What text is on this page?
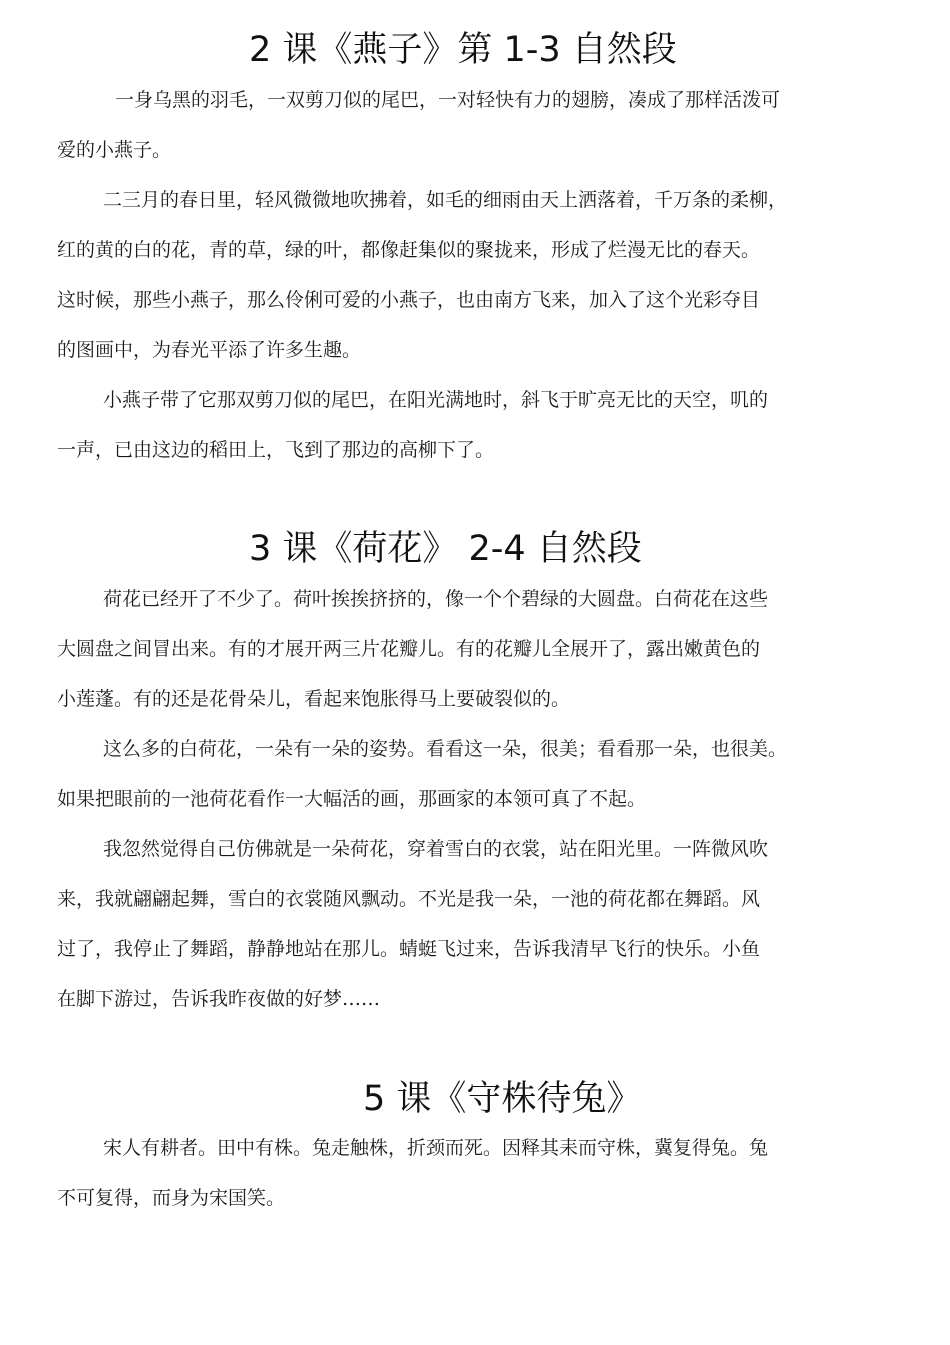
2 课《燕子》第 1-3 自然段
一身乌黑的羽毛，一双剪刀似的尾巴，一对轻快有力的翅膀，凑成了那样活泼可
爱的小燕子。
二三月的春日里，轻风微微地吹拂着，如毛的细雨由天上洒落着，千万条的柔柳，
红的黄的白的花，青的草，绿的叶，都像赶集似的聚拢来，形成了烂漫无比的春天。
这时候，那些小燕子，那么伶俐可爱的小燕子，也由南方飞来，加入了这个光彩夺目
的图画中，为春光平添了许多生趣。
小燕子带了它那双剪刀似的尾巴，在阳光满地时，斜飞于旷亮无比的天空，叽的
一声，已由这边的稻田上，飞到了那边的高柳下了。
3 课《荷花》 2-4 自然段
荷花已经开了不少了。荷叶挨挨挤挤的，像一个个碧绿的大圆盘。白荷花在这些
大圆盘之间冒出来。有的才展开两三片花瓣儿。有的花瓣儿全展开了，露出嫩黄色的
小莲蓬。有的还是花骨朵儿，看起来饱胀得马上要破裂似的。
这么多的白荷花，一朵有一朵的姿势。看看这一朵，很美；看看那一朵，也很美。
如果把眼前的一池荷花看作一大幅活的画，那画家的本领可真了不起。
我忽然觉得自己仿佛就是一朵荷花，穿着雪白的衣裳，站在阳光里。一阵微风吹
来，我就翩翩起舞，雪白的衣裳随风飘动。不光是我一朵，一池的荷花都在舞蹈。风
过了，我停止了舞蹈，静静地站在那儿。蜻蜓飞过来，告诉我清早飞行的快乐。小鱼
在脚下游过，告诉我昨夜做的好梦……
5 课《守株待兔》
宋人有耕者。田中有株。兔走触株，折颈而死。因释其耒而守株，冀复得兔。兔
不可复得，而身为宋国笑。
